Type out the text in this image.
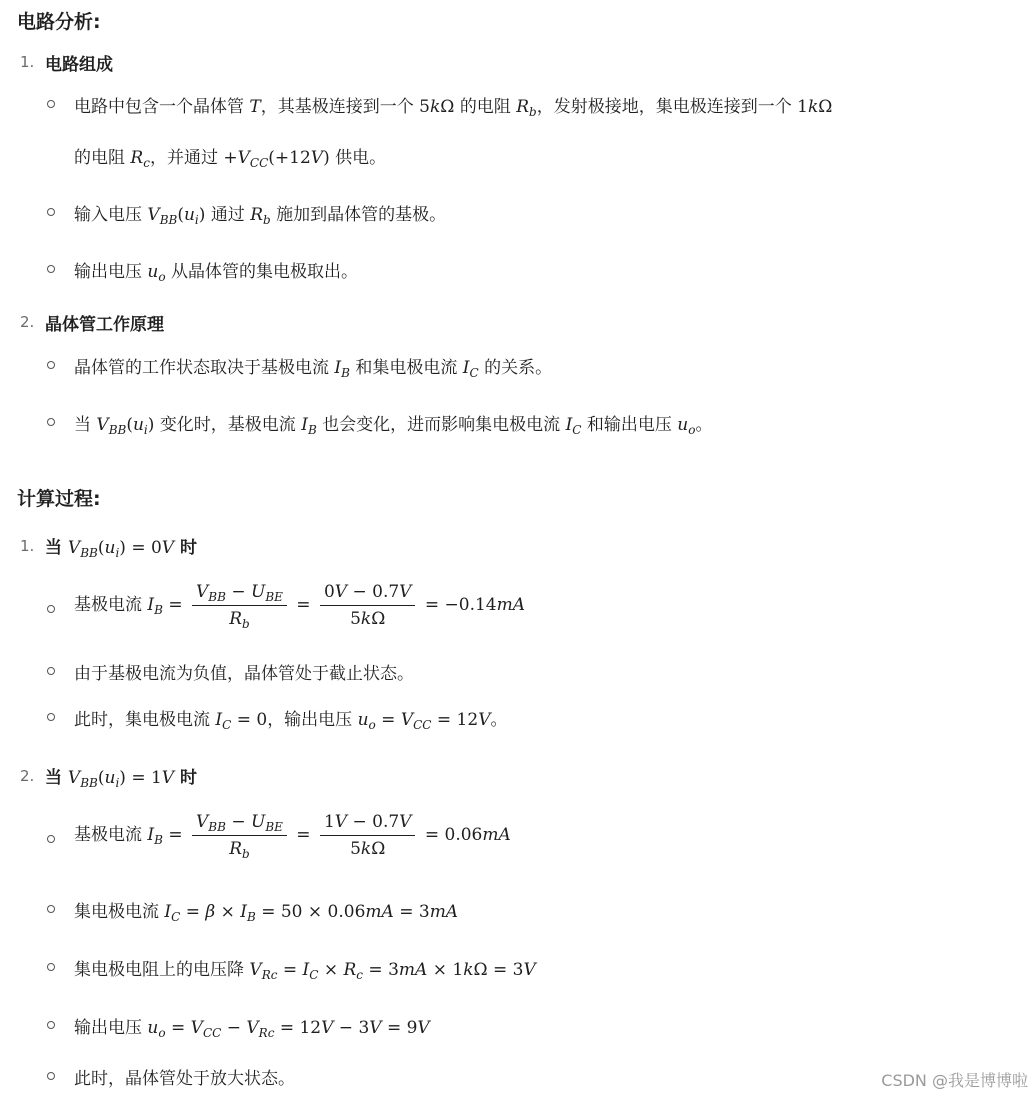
电路分析:
1. 电路组成
电路中包含一个晶体管 T，其基极连接到一个 5kΩ 的电阻 $R_b$，发射极接地，集电极连接到一个 1kΩ
的电阻 $R_c$，并通过 $+V_{CC}(+12V)$ 供电。
输入电压 $V_{BB}(u_i)$ 通过 $R_b$ 施加到晶体管的基极。
输出电压 $u_o$ 从晶体管的集电极取出。
2. 晶体管工作原理
晶体管的工作状态取决于基极电流 $I_B$ 和集电极电流 $I_C$ 的关系。
当 $V_{BB}(u_i)$ 变化时，基极电流 $I_B$ 也会变化，进而影响集电极电流 $I_C$ 和输出电压 $u_o$。
计算过程:
1. 当 $V_{BB}(u_i) = 0V$ 时
基极电流 $I_B = \frac{V_{BB} - U_{BE}}{R_b} = \frac{0V - 0.7V}{5k\Omega} = -0.14mA$
由于基极电流为负值，晶体管处于截止状态。
此时，集电极电流 $I_C = 0$，输出电压 $u_o = V_{CC} = 12V$。
2. 当 $V_{BB}(u_i) = 1V$ 时
基极电流 $I_B = \frac{V_{BB} - U_{BE}}{R_b} = \frac{1V - 0.7V}{5k\Omega} = 0.06mA$
集电极电流 $I_C = \beta \times I_B = 50 \times 0.06mA = 3mA$
集电极电阻上的电压降 $V_{Rc} = I_C \times R_c = 3mA \times 1k\Omega = 3V$
输出电压 $u_o = V_{CC} - V_{Rc} = 12V - 3V = 9V$
此时，晶体管处于放大状态。	CSDN @我是博博啦
